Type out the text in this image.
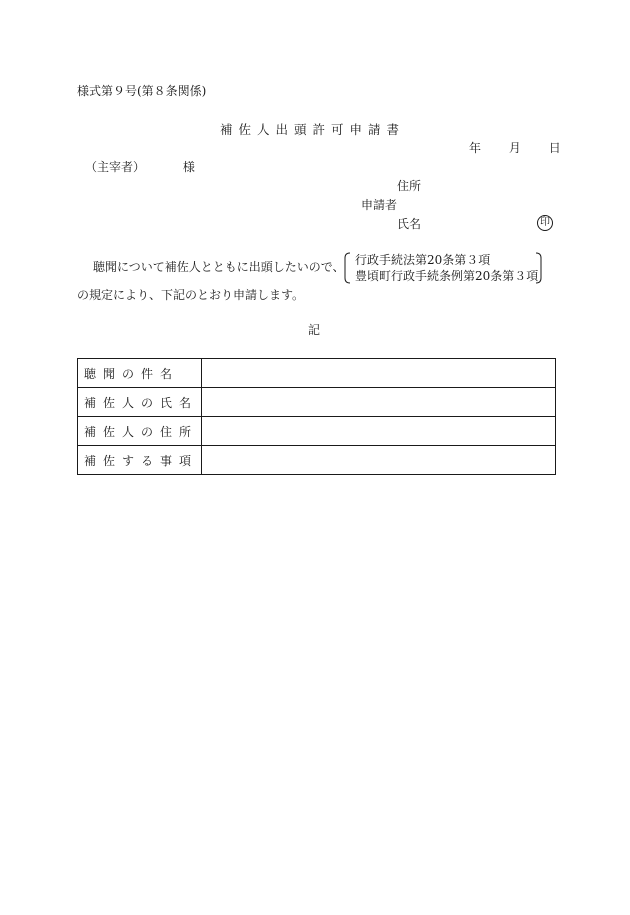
様式第９号(第８条関係)
補佐人出頭許可申請書
年 月 日
（主宰者）	様
住所
申請者
氏名	印
聴聞について補佐人とともに出頭したいので、 行政手続法第20条第３項
豊頃町行政手続条例第20条第３項
の規定により、下記のとおり申請します。
記
聴聞の件名	
補佐人の氏名	
補佐人の住所	
補佐する事項	
